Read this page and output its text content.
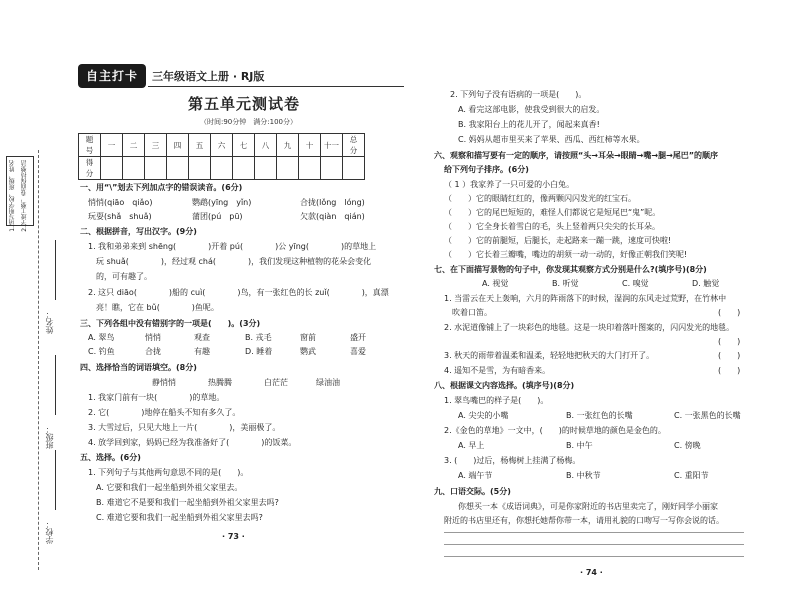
1.请写明学校、班级、姓名 2.字迹工整，卷面保持整洁
学校：
班级：
姓名：
自主打卡	三年级语文上册 · RJ版
第五单元测试卷
（时间:90分钟　满分:100分）
题　号	一	二	三	四	五	六	七	八	九	十	十一	总　分
得　分												
一、用“\”划去下列加点字的错误读音。(6分)
悄悄(qiāo　qiǎo)	鹦鹉(yīng　yǐn)	合拢(lǒng　lóng)
玩耍(shǎ　shuǎ)	蒲团(pú　pū)	欠款(qiàn　qián)
二、根据拼音，写出汉字。(9分)
1. 我和弟弟来到 shēng(　　　　)开着 pú(　　　　)公 yīng(　　　　)的草地上
玩 shuǎ(　　　　)，经过观 chá(　　　　)，我们发现这种植物的花朵会变化
的，可有趣了。
2. 这只 diāo(　　　　)船的 cuì(　　　　)鸟，有一张红色的长 zuǐ(　　　　)，真漂
亮！瞧，它在 bǔ(　　　　)鱼呢。
三、下列各组中没有错别字的一项是(　　)。(3分)
A. 翠鸟	悄悄	观查	B. 戎毛	窗前	盛开
C. 钓鱼	合拢	有趣	D. 睡着	鹦武	喜爱
四、选择恰当的词语填空。(8分)
静悄悄	热腾腾	白茫茫	绿油油
1. 我家门前有一块(　　　　)的草地。
2. 它(　　　　)地停在船头不知有多久了。
3. 大雪过后，只见大地上一片(　　　　)，美丽极了。
4. 放学回到家，妈妈已经为我准备好了(　　　　)的饭菜。
五、选择。(6分)
1. 下列句子与其他两句意思不同的是(　　)。
A. 它要和我们一起坐船到外祖父家里去。
B. 难道它不是要和我们一起坐船到外祖父家里去吗?
C. 难道它要和我们一起坐船到外祖父家里去吗?
· 73 ·
2. 下列句子没有语病的一项是(　　)。
A. 看完这部电影，使我受到很大的启发。
B. 我家阳台上的花儿开了，闻起来真香!
C. 妈妈从超市里买来了苹果、西瓜、西红柿等水果。
六、观察和描写要有一定的顺序，请按照“头→耳朵→眼睛→嘴→腿→尾巴”的顺序
给下列句子排序。(6分)
（ 1 ）我家养了一只可爱的小白兔。
（　　）它的眼睛红红的，像两颗闪闪发光的红宝石。
（　　）它的尾巴短短的，难怪人们都说它是短尾巴“鬼”呢。
（　　）它全身长着雪白的毛，头上竖着两只尖尖的长耳朵。
（　　）它的前腿短，后腿长，走起路来一蹦一跳，速度可快啦!
（　　）它长着三瓣嘴，嘴边的胡须一动一动的，好像正朝我们笑呢!
七、在下面描写景物的句子中，你发现其观察方式分别是什么?(填序号)(8分)
A. 视觉	B. 听觉	C. 嗅觉	D. 触觉
1. 当雷云在天上轰响，六月的阵雨落下的时候，湿润的东风走过荒野，在竹林中
吹着口笛。	(　　)
2. 水泥道像铺上了一块彩色的地毯。这是一块印着落叶图案的，闪闪发光的地毯。
(　　)
3. 秋天的雨带着温柔和温柔，轻轻地把秋天的大门打开了。	(　　)
4. 遥知不是雪，为有暗香来。	(　　)
八、根据课文内容选择。(填序号)(8分)
1. 翠鸟嘴巴的样子是(　　)。
A. 尖尖的小嘴	B. 一张红色的长嘴	C. 一张黑色的长嘴
2.《金色的草地》一文中，(　　)的时候草地的颜色是金色的。
A. 早上	B. 中午	C. 傍晚
3. (　　)过后，杨梅树上挂满了杨梅。
A. 端午节	B. 中秋节	C. 重阳节
九、口语交际。(5分)
你想买一本《成语词典》，可是你家附近的书店里卖完了，刚好同学小丽家
附近的书店里还有，你想托她帮你带一本，请用礼貌的口吻写一写你会说的话。
· 74 ·
